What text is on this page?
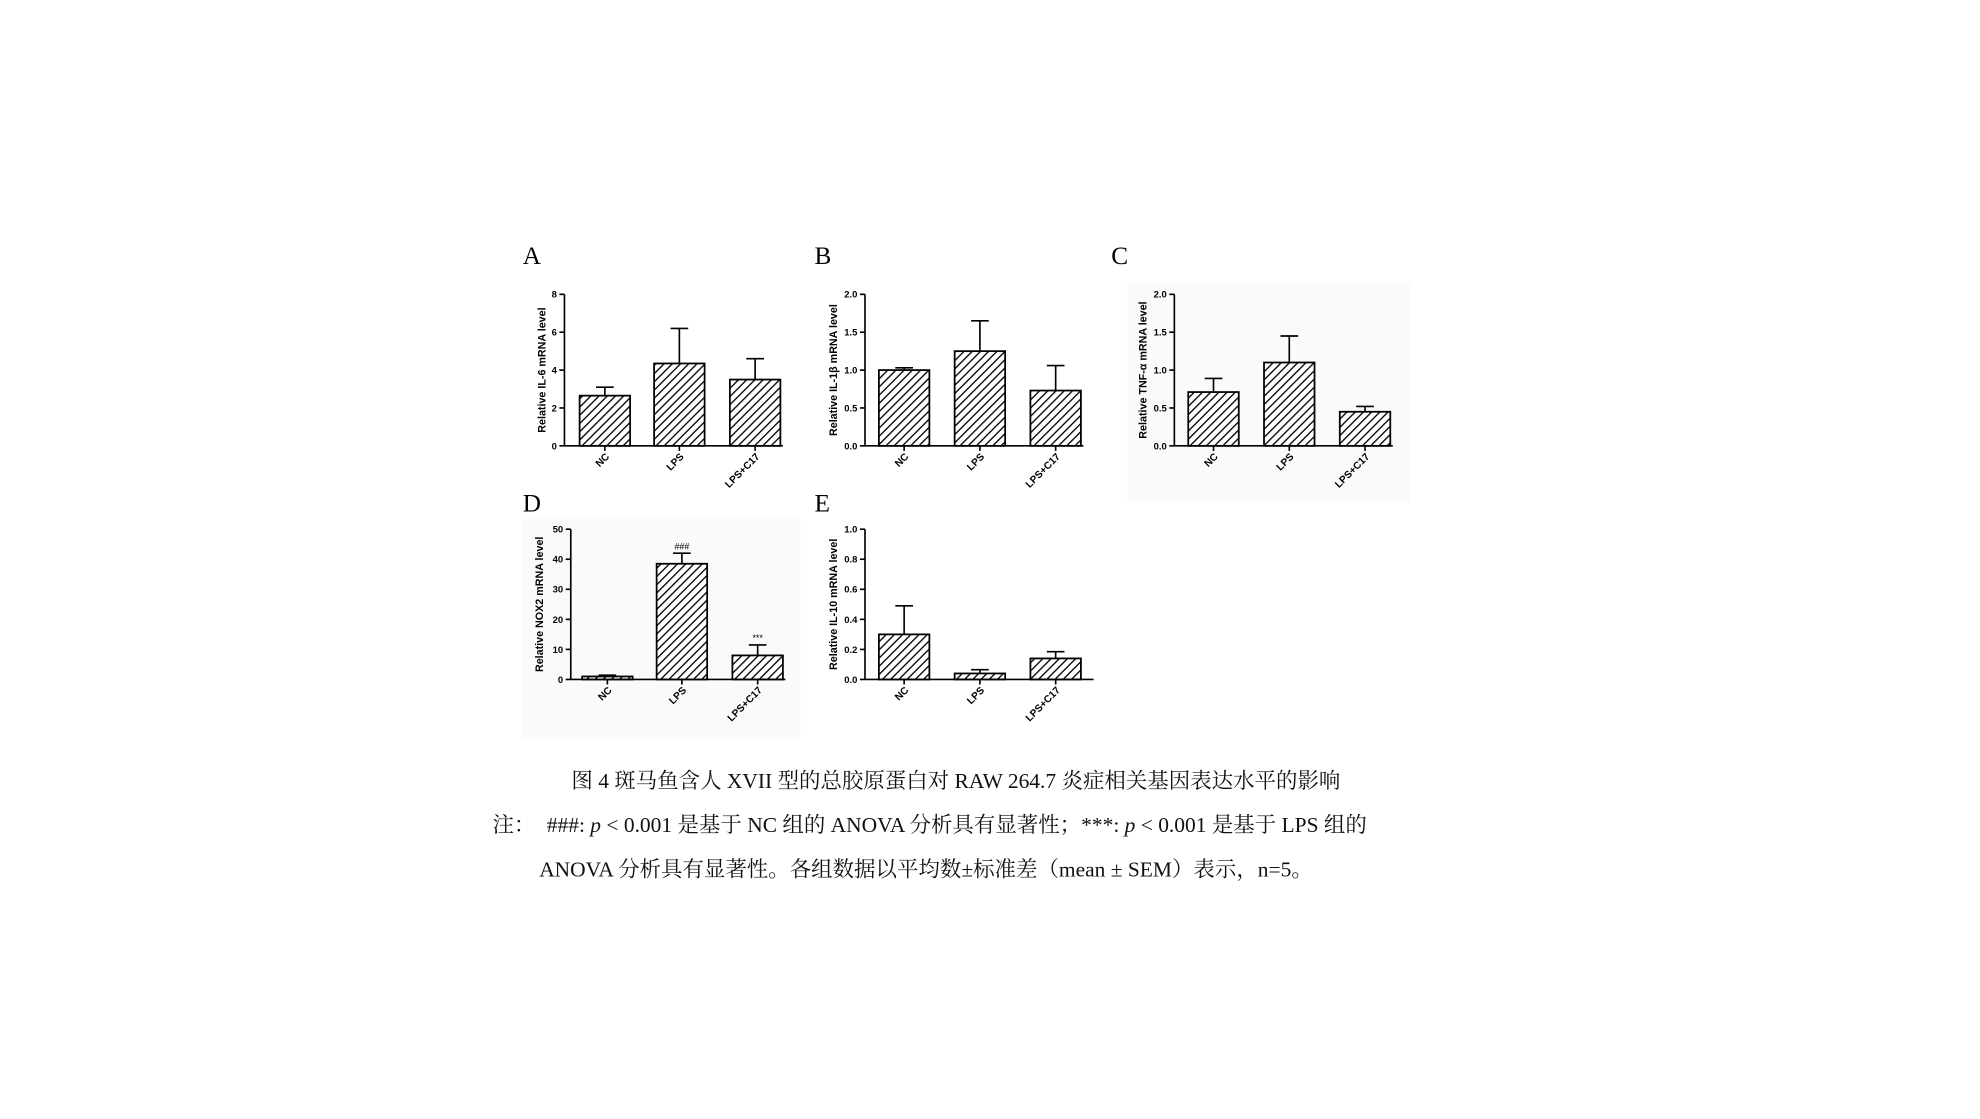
A
Relative IL-6 mRNA level
0
2
4
6
8
NC	LPS	LPS+C17
B
Relative IL-1β mRNA level
0.0
0.5
1.0
1.5
2.0
NC	LPS	LPS+C17
C
Relative TNF-α mRNA level
0.0
0.5
1.0
1.5
2.0
NC	LPS	LPS+C17
D
Relative NOX2 mRNA level
0
10
20
30
40
50
NC	LPS	LPS+C17
###
***
E
Relative IL-10 mRNA level
0.0
0.2
0.4
0.6
0.8
1.0
NC	LPS	LPS+C17
图 4 斑马鱼含人 XVII 型的总胶原蛋白对 RAW 264.7 炎症相关基因表达水平的影响
注： ###: p < 0.001 是基于 NC 组的 ANOVA 分析具有显著性；***: p < 0.001 是基于 LPS 组的
ANOVA 分析具有显著性。各组数据以平均数±标准差（mean ± SEM）表示，n=5。
